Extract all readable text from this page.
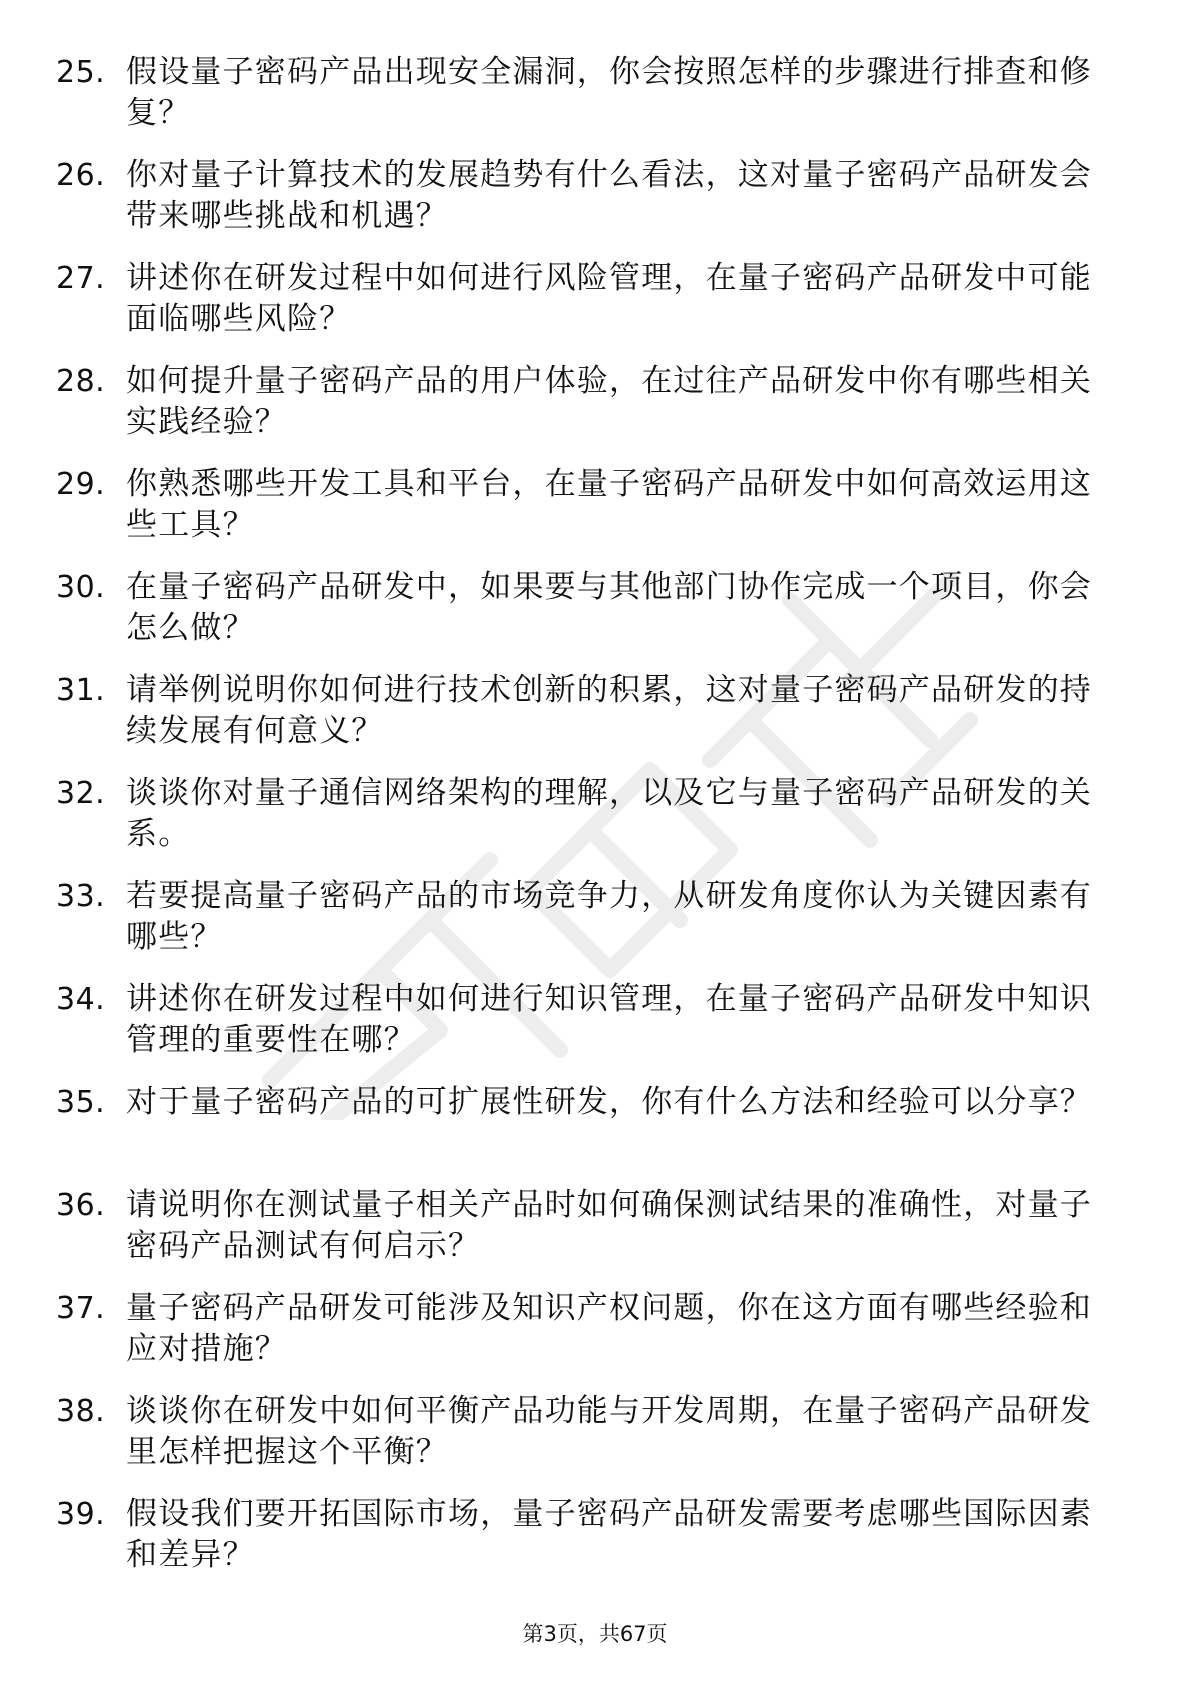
25. 假设量子密码产品出现安全漏洞，你会按照怎样的步骤进行排查和修复？
26. 你对量子计算技术的发展趋势有什么看法，这对量子密码产品研发会带来哪些挑战和机遇？
27. 讲述你在研发过程中如何进行风险管理，在量子密码产品研发中可能面临哪些风险？
28. 如何提升量子密码产品的用户体验，在过往产品研发中你有哪些相关实践经验？
29. 你熟悉哪些开发工具和平台，在量子密码产品研发中如何高效运用这些工具？
30. 在量子密码产品研发中，如果要与其他部门协作完成一个项目，你会怎么做？
31. 请举例说明你如何进行技术创新的积累，这对量子密码产品研发的持续发展有何意义？
32. 谈谈你对量子通信网络架构的理解，以及它与量子密码产品研发的关系。
33. 若要提高量子密码产品的市场竞争力，从研发角度你认为关键因素有哪些？
34. 讲述你在研发过程中如何进行知识管理，在量子密码产品研发中知识管理的重要性在哪？
35. 对于量子密码产品的可扩展性研发，你有什么方法和经验可以分享？
36. 请说明你在测试量子相关产品时如何确保测试结果的准确性，对量子密码产品测试有何启示？
37. 量子密码产品研发可能涉及知识产权问题，你在这方面有哪些经验和应对措施？
38. 谈谈你在研发中如何平衡产品功能与开发周期，在量子密码产品研发里怎样把握这个平衡？
39. 假设我们要开拓国际市场，量子密码产品研发需要考虑哪些国际因素和差异？
第3页，共67页
